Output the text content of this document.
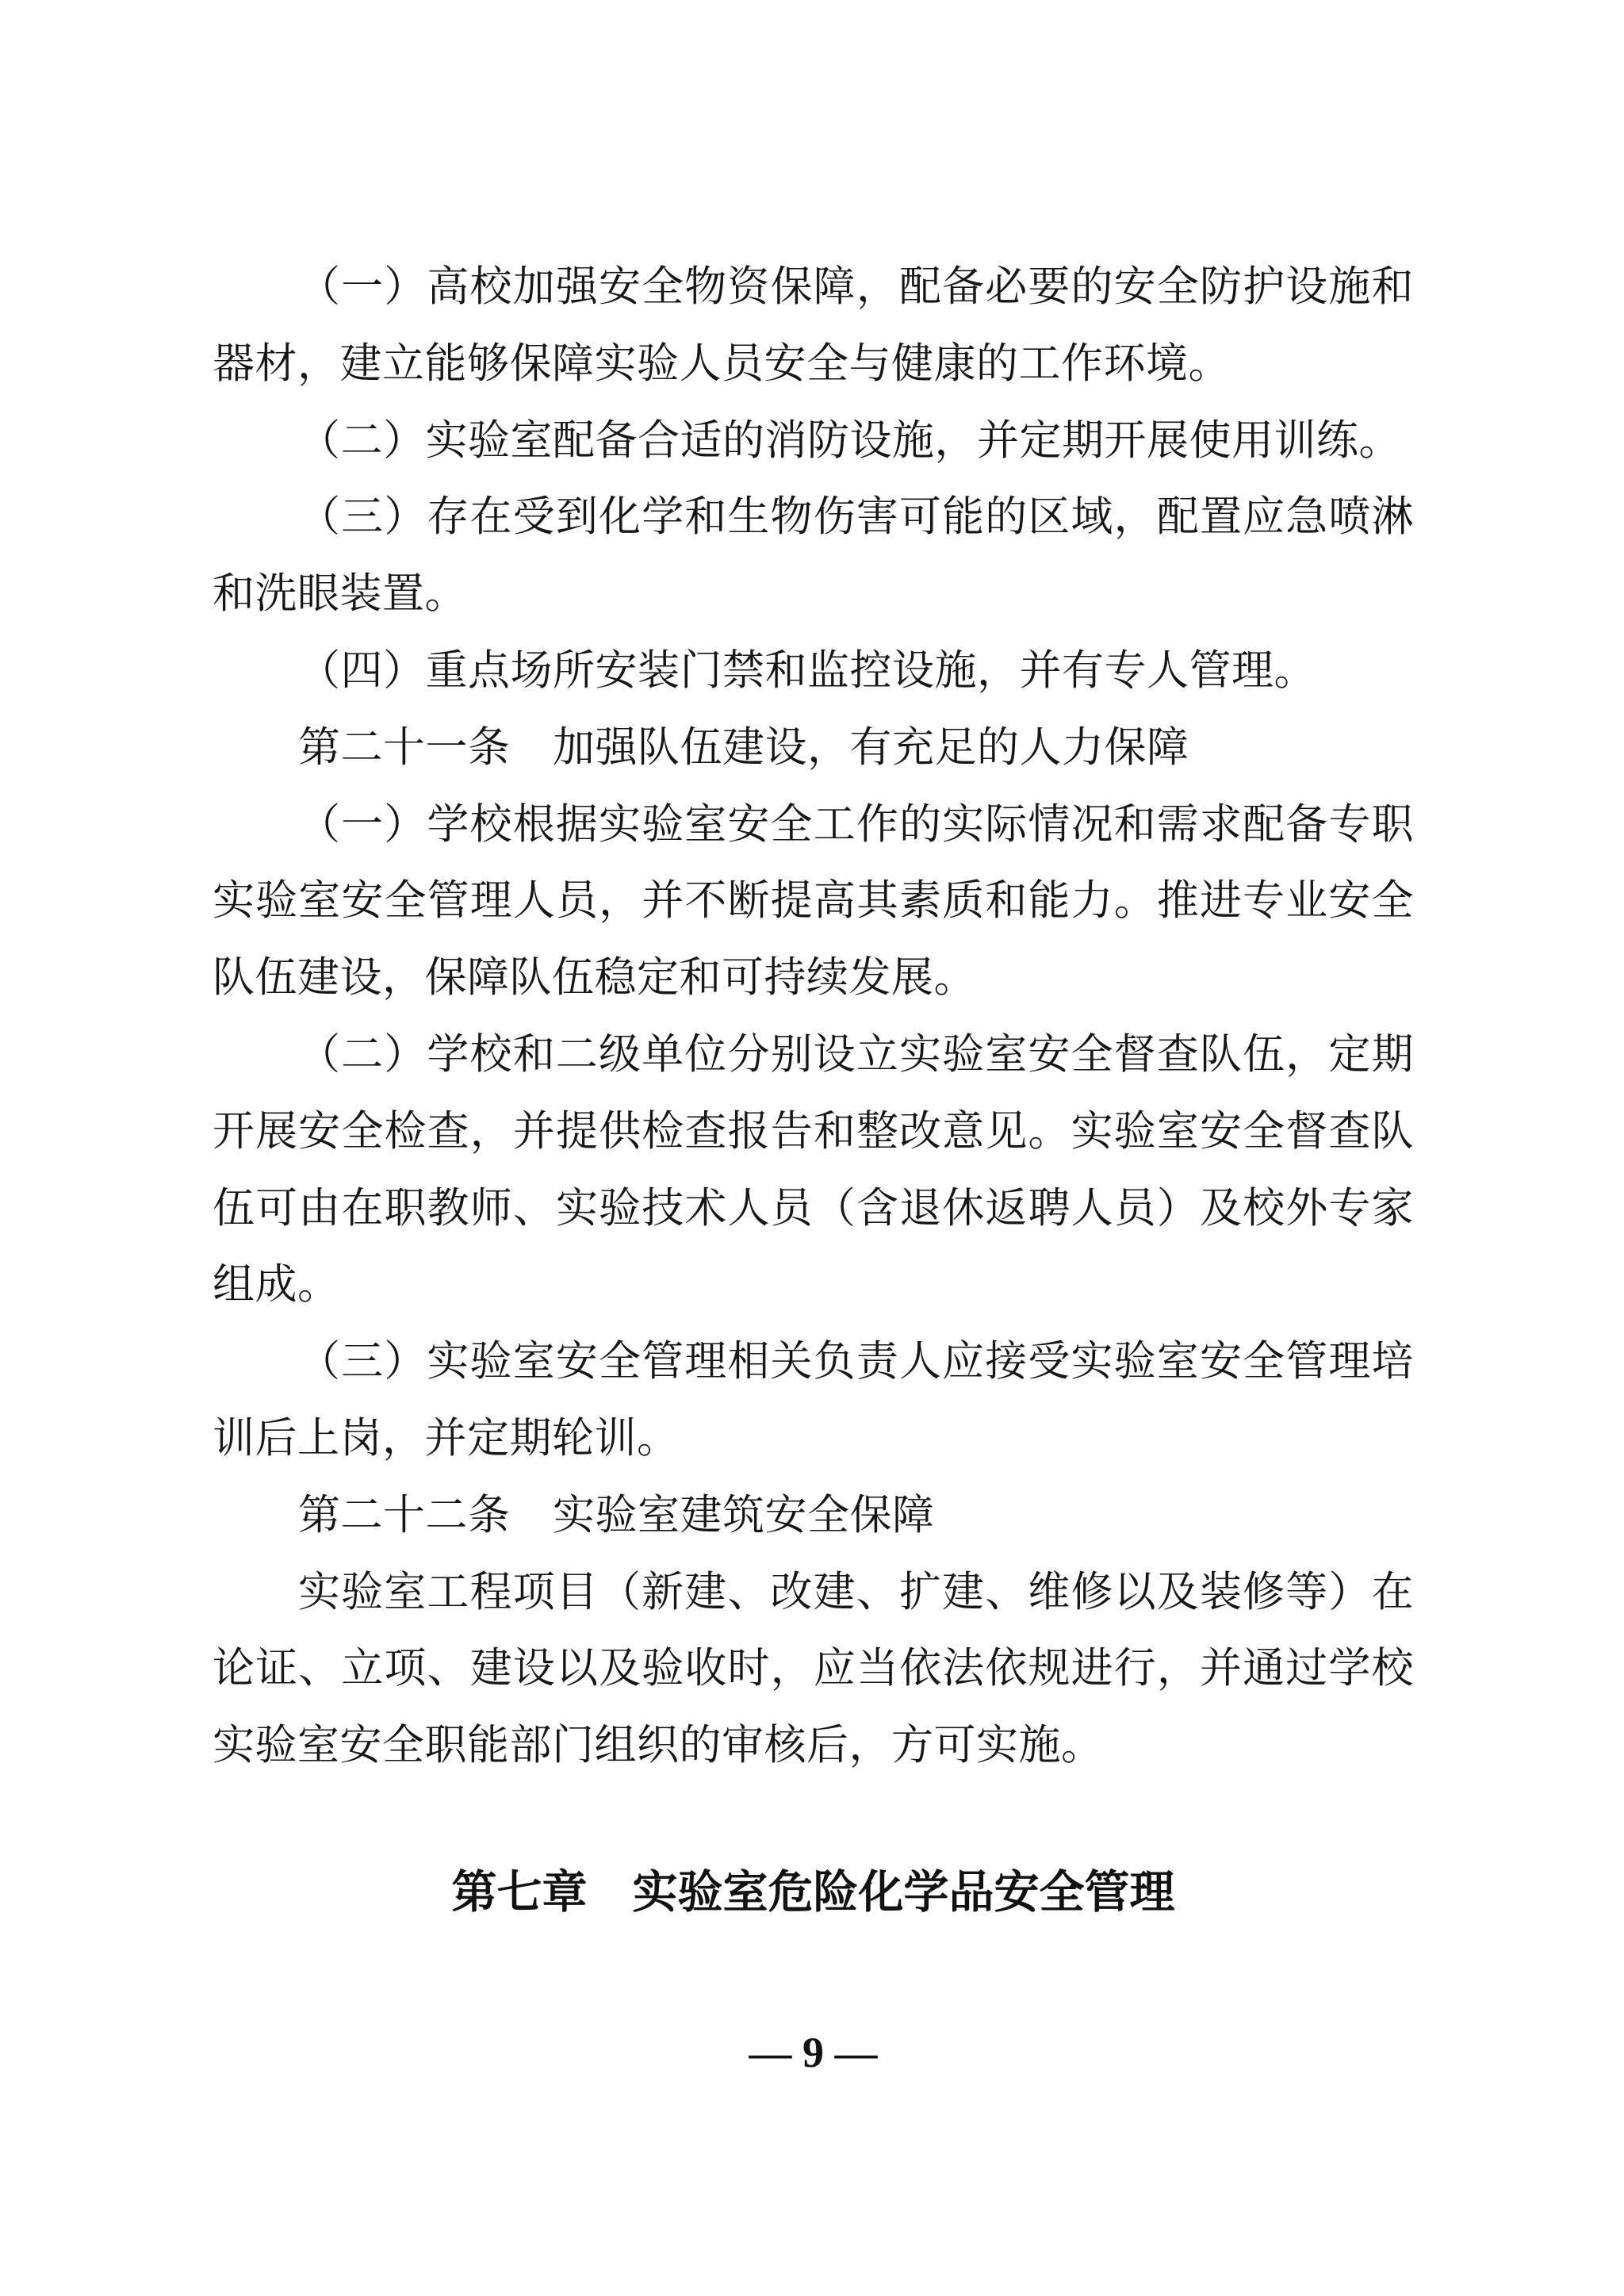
（一）高校加强安全物资保障，配备必要的安全防护设施和
器材，建立能够保障实验人员安全与健康的工作环境。
（二）实验室配备合适的消防设施，并定期开展使用训练。
（三）存在受到化学和生物伤害可能的区域，配置应急喷淋
和洗眼装置。
（四）重点场所安装门禁和监控设施，并有专人管理。
第二十一条　加强队伍建设，有充足的人力保障
（一）学校根据实验室安全工作的实际情况和需求配备专职
实验室安全管理人员，并不断提高其素质和能力。推进专业安全
队伍建设，保障队伍稳定和可持续发展。
（二）学校和二级单位分别设立实验室安全督查队伍，定期
开展安全检查，并提供检查报告和整改意见。实验室安全督查队
伍可由在职教师、实验技术人员（含退休返聘人员）及校外专家
组成。
（三）实验室安全管理相关负责人应接受实验室安全管理培
训后上岗，并定期轮训。
第二十二条　实验室建筑安全保障
实验室工程项目（新建、改建、扩建、维修以及装修等）在
论证、立项、建设以及验收时，应当依法依规进行，并通过学校
实验室安全职能部门组织的审核后，方可实施。
第七章　实验室危险化学品安全管理
— 9 —
